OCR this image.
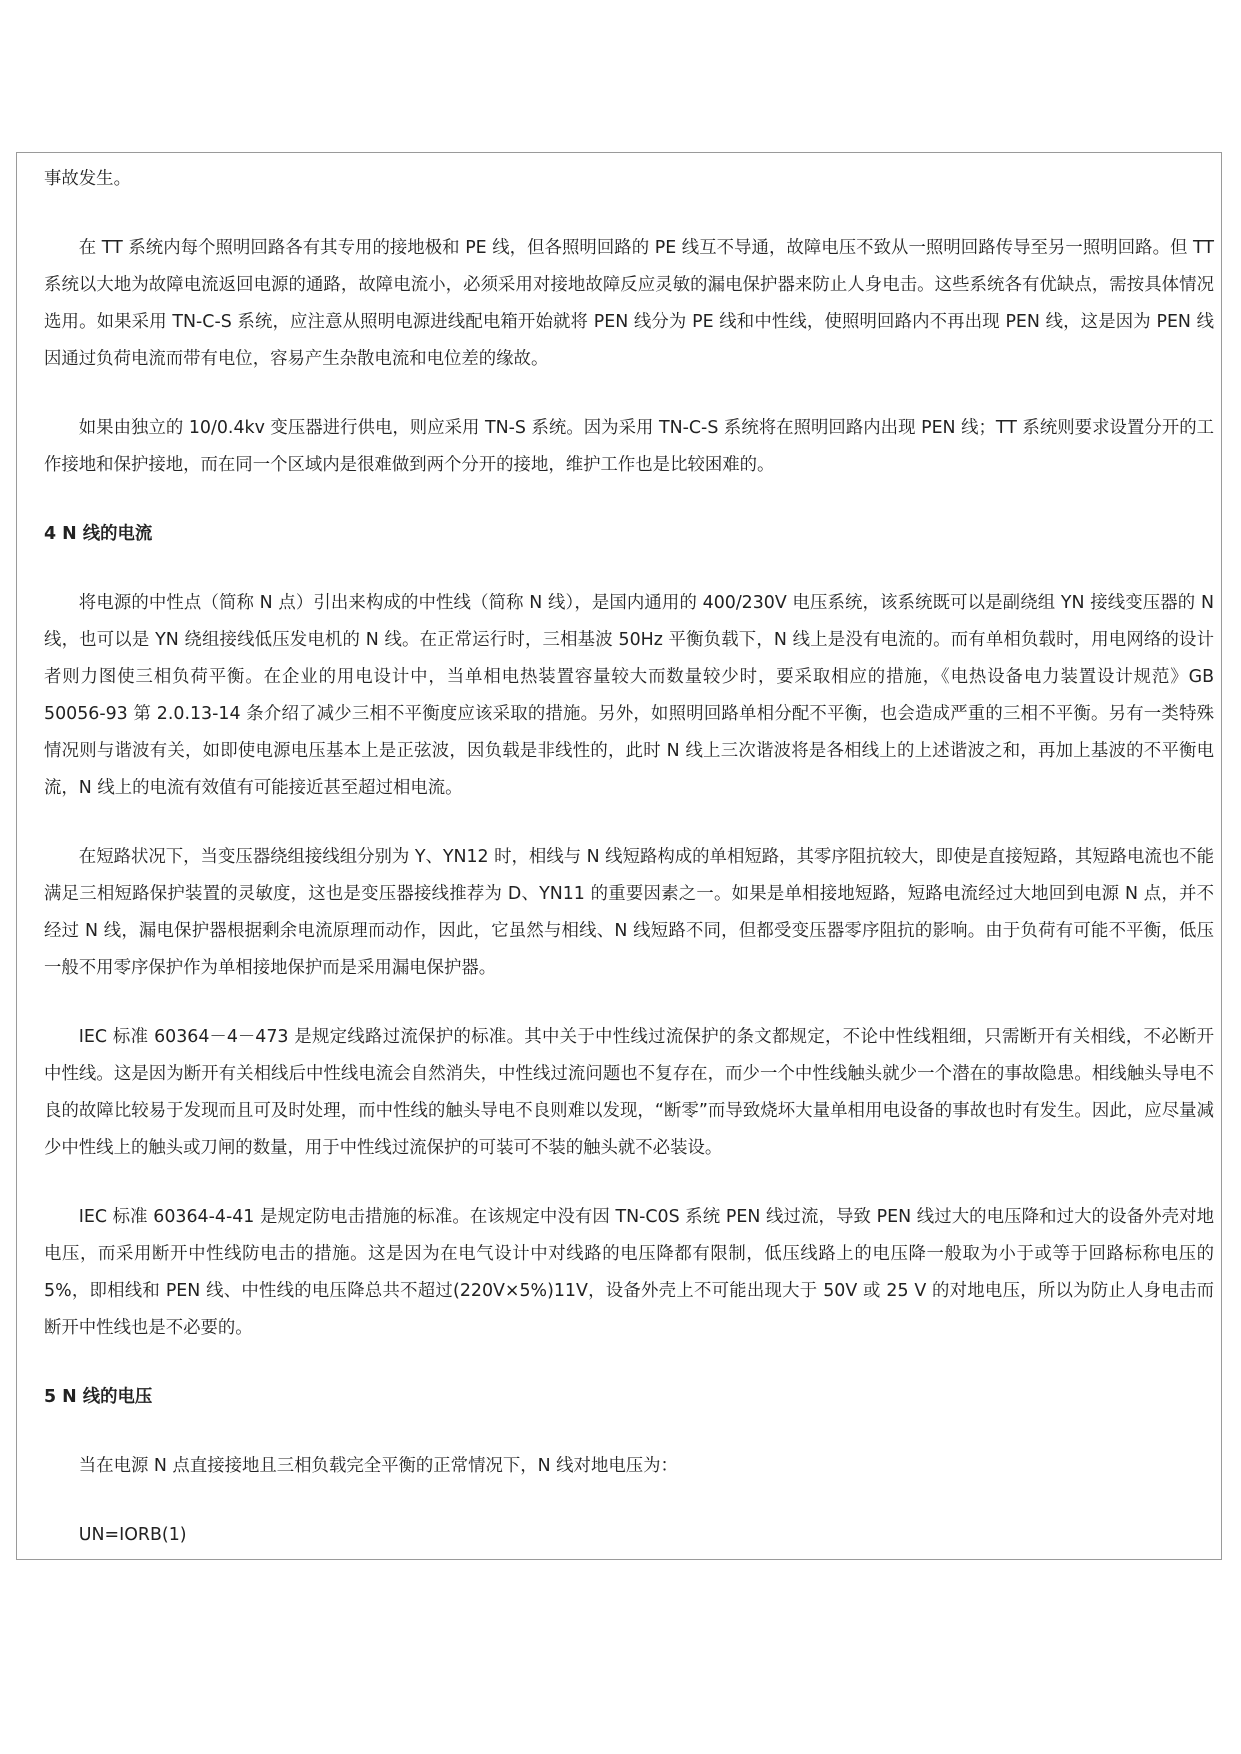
事故发生。

在 TT 系统内每个照明回路各有其专用的接地极和 PE 线，但各照明回路的 PE 线互不导通，故障电压不致从一照明回路传导至另一照明回路。但 TT 系统以大地为故障电流返回电源的通路，故障电流小，必须采用对接地故障反应灵敏的漏电保护器来防止人身电击。这些系统各有优缺点，需按具体情况选用。如果采用 TN-C-S 系统，应注意从照明电源进线配电箱开始就将 PEN 线分为 PE 线和中性线，使照明回路内不再出现 PEN 线，这是因为 PEN 线因通过负荷电流而带有电位，容易产生杂散电流和电位差的缘故。

如果由独立的 10/0.4kv 变压器进行供电，则应采用 TN-S 系统。因为采用 TN-C-S 系统将在照明回路内出现 PEN 线；TT 系统则要求设置分开的工作接地和保护接地，而在同一个区域内是很难做到两个分开的接地，维护工作也是比较困难的。

4 N 线的电流

将电源的中性点（简称 N 点）引出来构成的中性线（简称 N 线），是国内通用的 400/230V 电压系统，该系统既可以是副绕组 YN 接线变压器的 N 线，也可以是 YN 绕组接线低压发电机的 N 线。在正常运行时，三相基波 50Hz 平衡负载下，N 线上是没有电流的。而有单相负载时，用电网络的设计者则力图使三相负荷平衡。在企业的用电设计中，当单相电热装置容量较大而数量较少时，要采取相应的措施，《电热设备电力装置设计规范》GB 50056-93 第 2.0.13-14 条介绍了减少三相不平衡度应该采取的措施。另外，如照明回路单相分配不平衡，也会造成严重的三相不平衡。另有一类特殊情况则与谐波有关，如即使电源电压基本上是正弦波，因负载是非线性的，此时 N 线上三次谐波将是各相线上的上述谐波之和，再加上基波的不平衡电流，N 线上的电流有效值有可能接近甚至超过相电流。

在短路状况下，当变压器绕组接线组分别为 Y、YN12 时，相线与 N 线短路构成的单相短路，其零序阻抗较大，即使是直接短路，其短路电流也不能满足三相短路保护装置的灵敏度，这也是变压器接线推荐为 D、YN11 的重要因素之一。如果是单相接地短路，短路电流经过大地回到电源 N 点，并不经过 N 线，漏电保护器根据剩余电流原理而动作，因此，它虽然与相线、N 线短路不同，但都受变压器零序阻抗的影响。由于负荷有可能不平衡，低压一般不用零序保护作为单相接地保护而是采用漏电保护器。

IEC 标准 60364－4－473 是规定线路过流保护的标准。其中关于中性线过流保护的条文都规定，不论中性线粗细，只需断开有关相线，不必断开中性线。这是因为断开有关相线后中性线电流会自然消失，中性线过流问题也不复存在，而少一个中性线触头就少一个潜在的事故隐患。相线触头导电不良的故障比较易于发现而且可及时处理，而中性线的触头导电不良则难以发现，“断零”而导致烧坏大量单相用电设备的事故也时有发生。因此，应尽量减少中性线上的触头或刀闸的数量，用于中性线过流保护的可装可不装的触头就不必装设。

IEC 标准 60364-4-41 是规定防电击措施的标准。在该规定中没有因 TN-C0S 系统 PEN 线过流，导致 PEN 线过大的电压降和过大的设备外壳对地电压，而采用断开中性线防电击的措施。这是因为在电气设计中对线路的电压降都有限制，低压线路上的电压降一般取为小于或等于回路标称电压的 5%，即相线和 PEN 线、中性线的电压降总共不超过(220V×5%)11V，设备外壳上不可能出现大于 50V 或 25 V 的对地电压，所以为防止人身电击而断开中性线也是不必要的。

5 N 线的电压

当在电源 N 点直接接地且三相负载完全平衡的正常情况下，N 线对地电压为：

UN=IORB(1)
